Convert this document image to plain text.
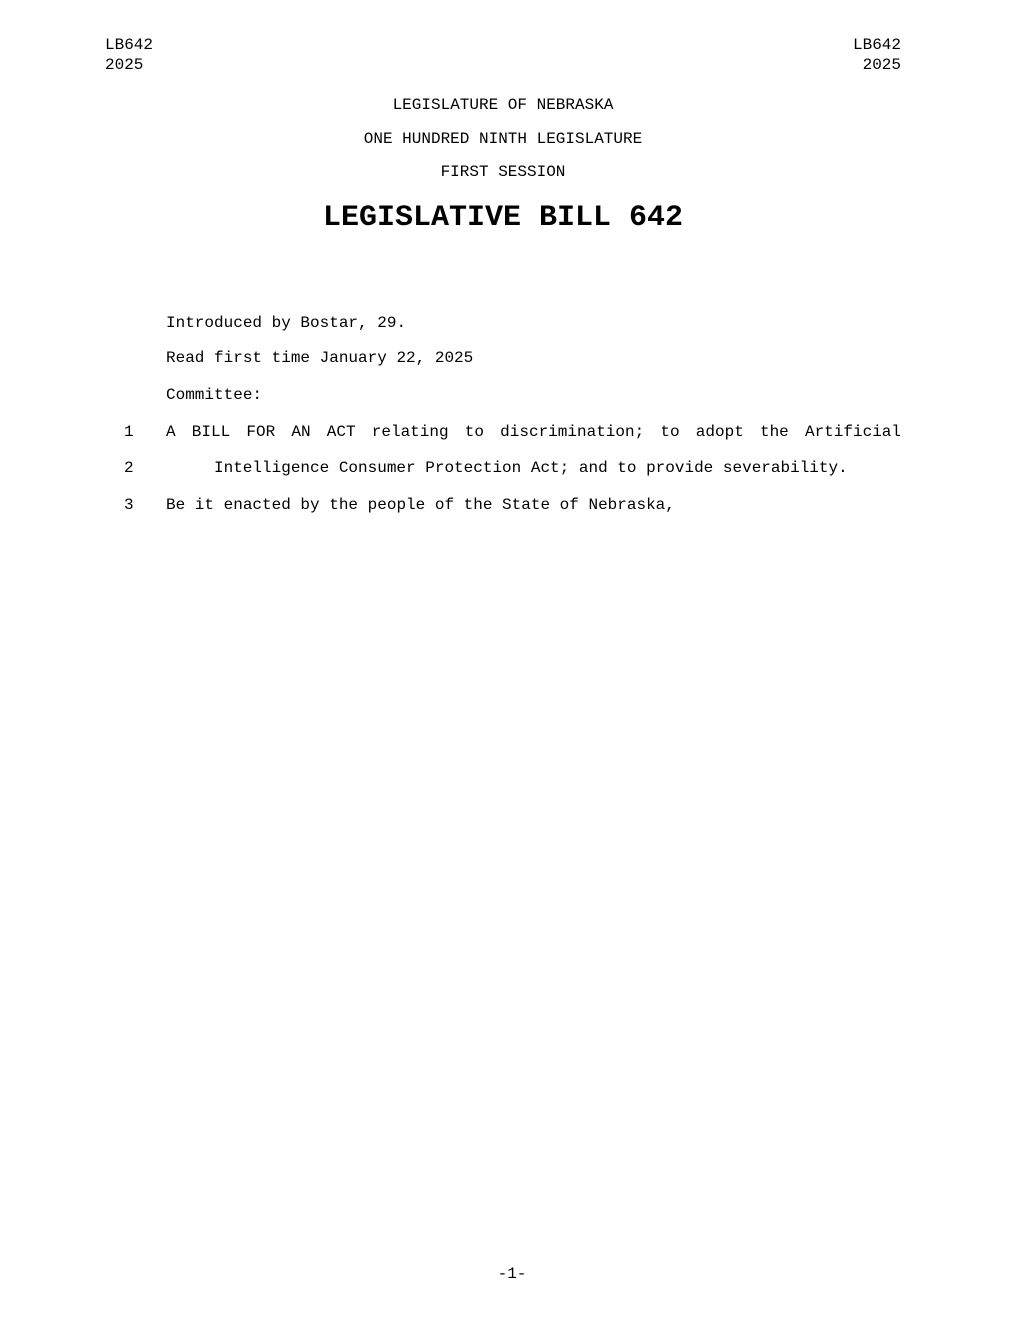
LB642
2025
LB642
2025
LEGISLATURE OF NEBRASKA
ONE HUNDRED NINTH LEGISLATURE
FIRST SESSION
LEGISLATIVE BILL 642
Introduced by Bostar, 29.
Read first time January 22, 2025
Committee:
1 A BILL FOR AN ACT relating to discrimination; to adopt the Artificial
2	Intelligence Consumer Protection Act; and to provide severability.
3 Be it enacted by the people of the State of Nebraska,
-1-
